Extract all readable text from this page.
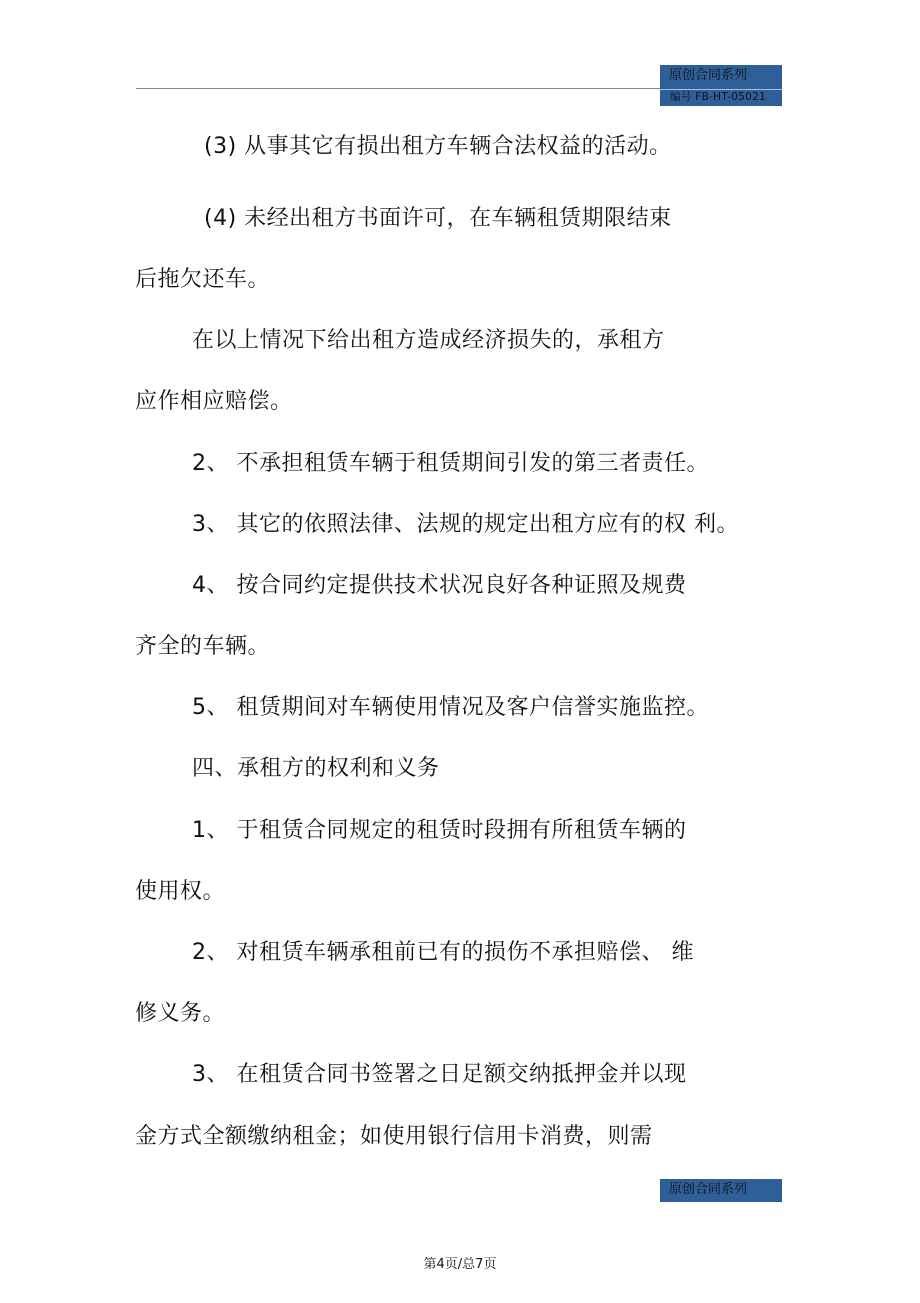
原创合同系列
编号 FB-HT-05021
(3) 从事其它有损出租方车辆合法权益的活动。
(4) 未经出租方书面许可，在车辆租赁期限结束
后拖欠还车。
在以上情况下给出租方造成经济损失的，承租方
应作相应赔偿。
2、 不承担租赁车辆于租赁期间引发的第三者责任。
3、 其它的依照法律、法规的规定出租方应有的权 利。
4、 按合同约定提供技术状况良好各种证照及规费
齐全的车辆。
5、 租赁期间对车辆使用情况及客户信誉实施监控。
四、承租方的权利和义务
1、 于租赁合同规定的租赁时段拥有所租赁车辆的
使用权。
2、 对租赁车辆承租前已有的损伤不承担赔偿、 维
修义务。
3、 在租赁合同书签署之日足额交纳抵押金并以现
金方式全额缴纳租金；如使用银行信用卡消费，则需
原创合同系列
第4页/总7页
